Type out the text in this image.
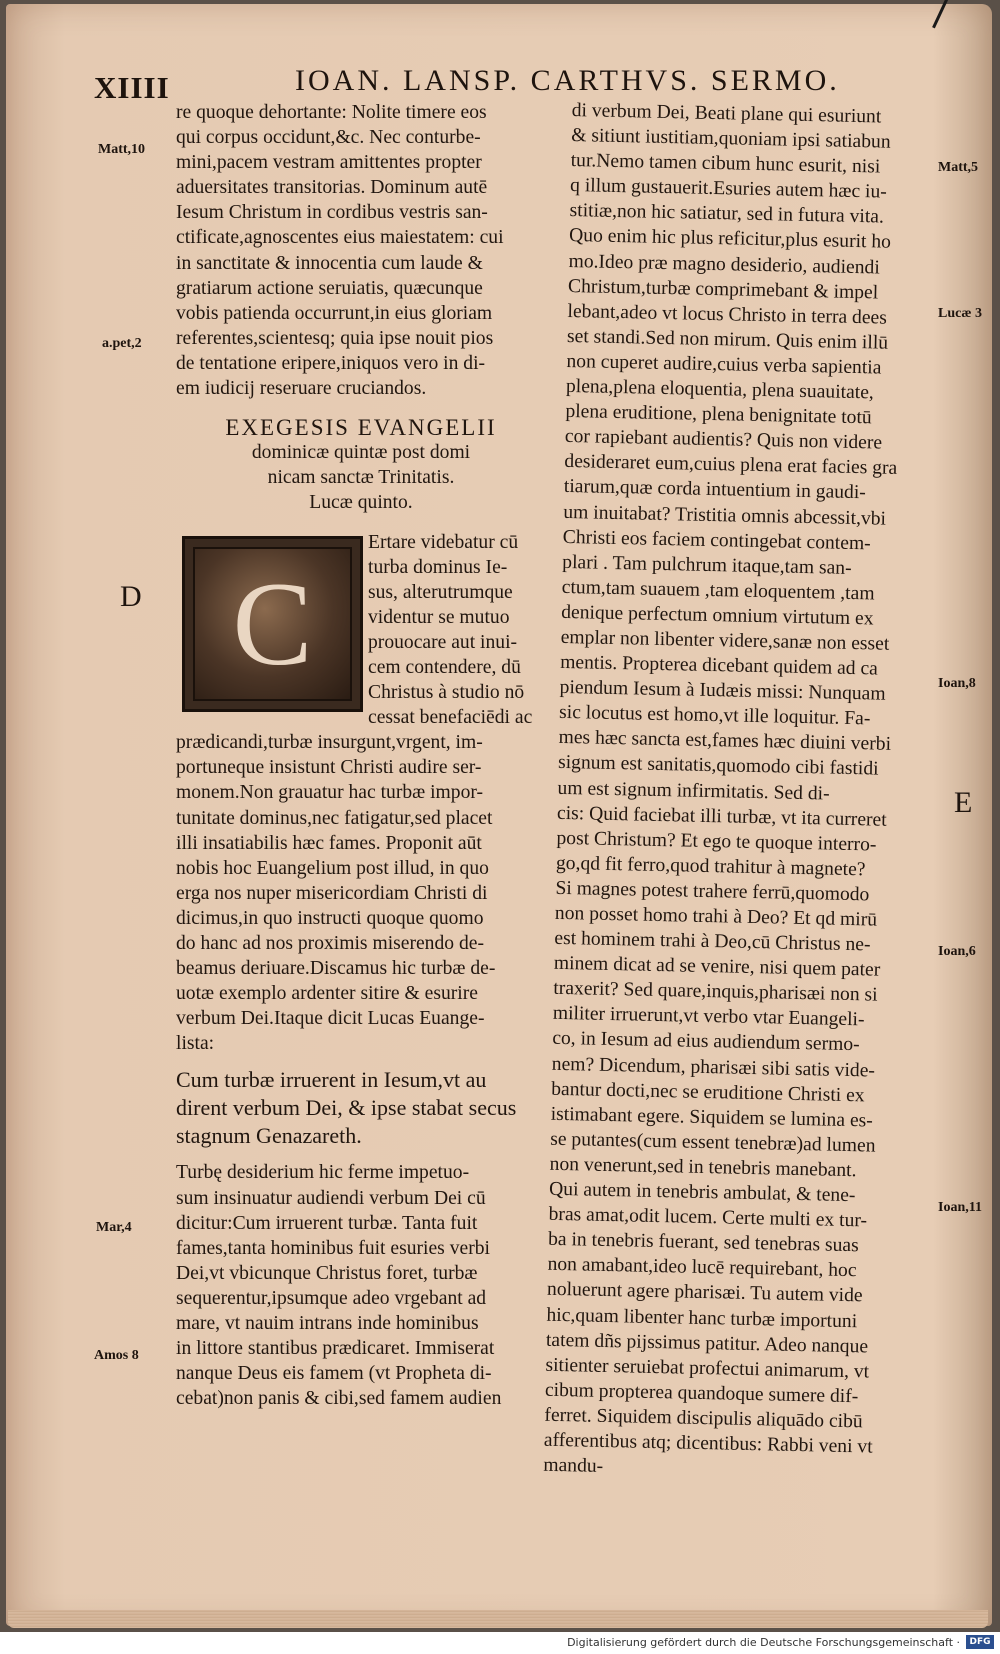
XIIII	IOAN. LANSP. CARTHVS. SERMO.
Matt,10
a.pet,2
D
Mar,4
Amos 8
Matt,5
Lucæ 3
Ioan,8
E
Ioan,6
Ioan,11

re quoque dehortante: Nolite timere eos
qui corpus occidunt,&c. Nec conturbe-
mini,pacem vestram amittentes propter
aduersitates transitorias. Dominum autē
Iesum Christum in cordibus vestris san-
ctificate,agnoscentes eius maiestatem: cui
in sanctitate & innocentia cum laude &
gratiarum actione seruiatis, quæcunque
vobis patienda occurrunt,in eius gloriam
referentes,scientesq; quia ipse nouit pios
de tentatione eripere,iniquos vero in di-
em iudicij reseruare cruciandos.

EXEGESIS EVANGELII

dominicæ quintæ post domi

nicam sanctæ Trinitatis.

Lucæ quinto.

C

Ertare videbatur cū
turba dominus Ie-
sus, alterutrumque
videntur se mutuo
prouocare aut inui-
cem contendere, dū
Christus à studio nō
cessat benefaciēdi ac
prædicandi,turbæ insurgunt,vrgent, im-
portuneque insistunt Christi audire ser-
monem.Non grauatur hac turbæ impor-
tunitate dominus,nec fatigatur,sed placet
illi insatiabilis hæc fames. Proponit aūt
nobis hoc Euangelium post illud, in quo
erga nos nuper misericordiam Christi di
dicimus,in quo instructi quoque quomo
do hanc ad nos proximis miserendo de-
beamus deriuare.Discamus hic turbæ de-
uotæ exemplo ardenter sitire & esurire
verbum Dei.Itaque dicit Lucas Euange-
lista:

Cum turbæ irruerent in Iesum,vt au
dirent verbum Dei, & ipse stabat secus
stagnum Genazareth.

Turbę desiderium hic ferme impetuo-
sum insinuatur audiendi verbum Dei cū
dicitur:Cum irruerent turbæ. Tanta fuit
fames,tanta hominibus fuit esuries verbi
Dei,vt vbicunque Christus foret, turbæ
sequerentur,ipsumque adeo vrgebant ad
mare, vt nauim intrans inde hominibus
in littore stantibus prædicaret. Immiserat
nanque Deus eis famem (vt Propheta di-
cebat)non panis & cibi,sed famem audien

di verbum Dei, Beati plane qui esuriunt
& sitiunt iustitiam,quoniam ipsi satiabun
tur.Nemo tamen cibum hunc esurit, nisi
q illum gustauerit.Esuries autem hæc iu-
stitiæ,non hic satiatur, sed in futura vita.
Quo enim hic plus reficitur,plus esurit ho
mo.Ideo præ magno desiderio, audiendi
Christum,turbæ comprimebant & impel
lebant,adeo vt locus Christo in terra dees
set standi.Sed non mirum. Quis enim illū
non cuperet audire,cuius verba sapientia
plena,plena eloquentia, plena suauitate,
plena eruditione, plena benignitate totū
cor rapiebant audientis? Quis non videre
desideraret eum,cuius plena erat facies gra
tiarum,quæ corda intuentium in gaudi-
um inuitabat? Tristitia omnis abcessit,vbi
Christi eos faciem contingebat contem-
plari . Tam pulchrum itaque,tam san-
ctum,tam suauem ,tam eloquentem ,tam
denique perfectum omnium virtutum ex
emplar non libenter videre,sanæ non esset
mentis. Propterea dicebant quidem ad ca
piendum Iesum à Iudæis missi: Nunquam
sic locutus est homo,vt ille loquitur. Fa-
mes hæc sancta est,fames hæc diuini verbi
signum est sanitatis,quomodo cibi fastidi
um est signum infirmitatis. Sed di-
cis: Quid faciebat illi turbæ, vt ita curreret
post Christum? Et ego te quoque interro-
go,qd fit ferro,quod trahitur à magnete?
Si magnes potest trahere ferrū,quomodo
non posset homo trahi à Deo? Et qd mirū
est hominem trahi à Deo,cū Christus ne-
minem dicat ad se venire, nisi quem pater
traxerit? Sed quare,inquis,pharisæi non si
militer irruerunt,vt verbo vtar Euangeli-
co, in Iesum ad eius audiendum sermo-
nem? Dicendum, pharisæi sibi satis vide-
bantur docti,nec se eruditione Christi ex
istimabant egere. Siquidem se lumina es-
se putantes(cum essent tenebræ)ad lumen
non venerunt,sed in tenebris manebant.
Qui autem in tenebris ambulat, & tene-
bras amat,odit lucem. Certe multi ex tur-
ba in tenebris fuerant, sed tenebras suas
non amabant,ideo lucē requirebant, hoc
noluerunt agere pharisæi. Tu autem vide
hic,quam libenter hanc turbæ importuni
tatem dñs pijssimus patitur. Adeo nanque
sitienter seruiebat profectui animarum, vt
cibum propterea quandoque sumere dif-
ferret. Siquidem discipulis aliquādo cibū
afferentibus atq; dicentibus: Rabbi veni vt
mandu-
Digitalisierung gefördert durch die Deutsche Forschungsgemeinschaft ·	DFG
